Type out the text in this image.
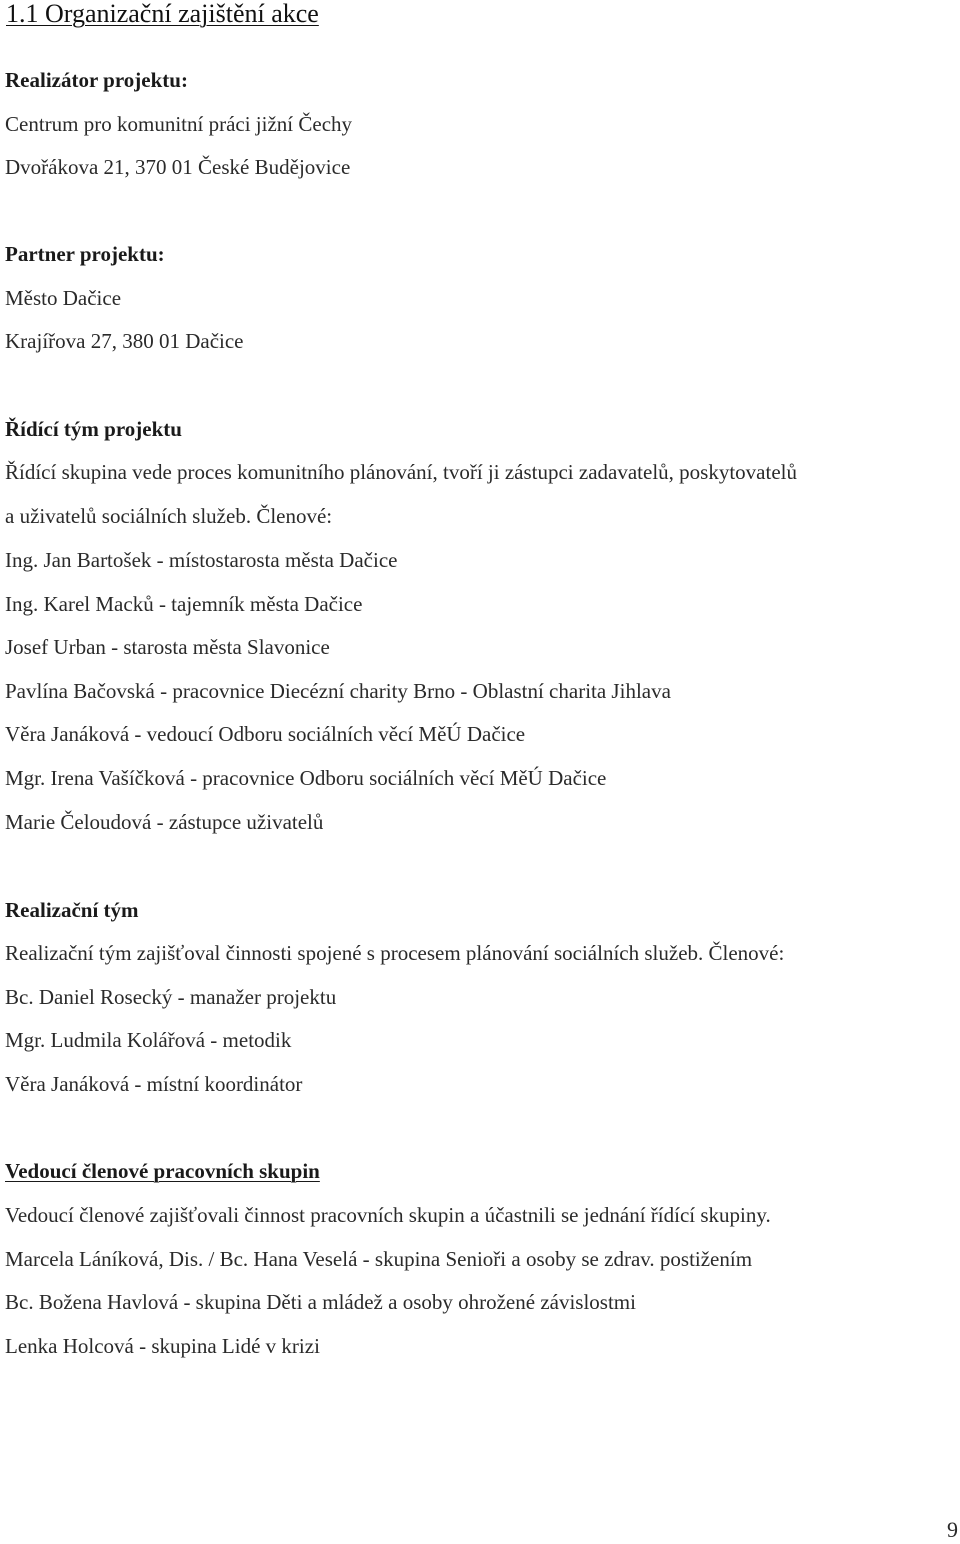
1.1 Organizační zajištění akce

Realizátor projektu:

Centrum pro komunitní práci jižní Čechy

Dvořákova 21, 370 01 České Budějovice

Partner projektu:

Město Dačice

Krajířova 27, 380 01 Dačice

Řídící tým projektu

Řídící skupina vede proces komunitního plánování, tvoří ji zástupci zadavatelů, poskytovatelů

a uživatelů sociálních služeb. Členové:

Ing. Jan Bartošek - místostarosta města Dačice

Ing. Karel Macků - tajemník města Dačice

Josef Urban - starosta města Slavonice

Pavlína Bačovská - pracovnice Diecézní charity Brno - Oblastní charita Jihlava

Věra Janáková - vedoucí Odboru sociálních věcí MěÚ Dačice

Mgr. Irena Vašíčková - pracovnice Odboru sociálních věcí MěÚ Dačice

Marie Čeloudová - zástupce uživatelů

Realizační tým

Realizační tým zajišťoval činnosti spojené s procesem plánování sociálních služeb. Členové:

Bc. Daniel Rosecký - manažer projektu

Mgr. Ludmila Kolářová - metodik

Věra Janáková - místní koordinátor

Vedoucí členové pracovních skupin

Vedoucí členové zajišťovali činnost pracovních skupin a účastnili se jednání řídící skupiny.

Marcela Láníková, Dis. / Bc. Hana Veselá - skupina Senioři a osoby se zdrav. postižením

Bc. Božena Havlová - skupina Děti a mládež a osoby ohrožené závislostmi

Lenka Holcová - skupina Lidé v krizi

9
